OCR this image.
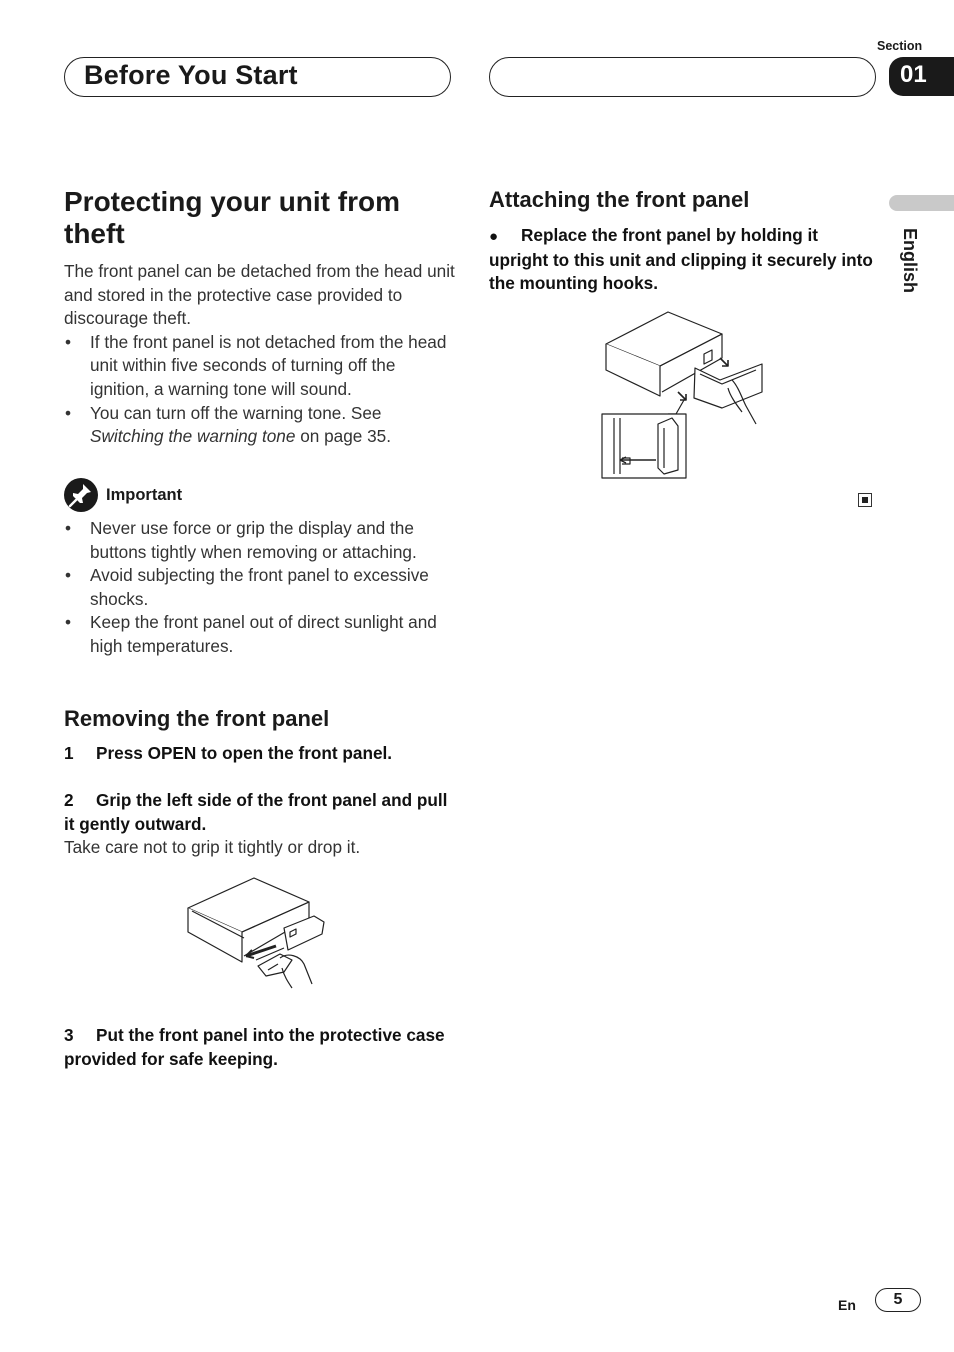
Before You Start
Section
01
English
Protecting your unit from theft

The front panel can be detached from the head unit and stored in the protective case provided to discourage theft.

• If the front panel is not detached from the head unit within five seconds of turning off the ignition, a warning tone will sound.
• You can turn off the warning tone. See
Switching the warning tone on page 35.
Important
• Never use force or grip the display and the buttons tightly when removing or attaching.
• Avoid subjecting the front panel to excessive shocks.
• Keep the front panel out of direct sunlight and high temperatures.
Removing the front panel

1 Press OPEN to open the front panel.

2 Grip the left side of the front panel and pull it gently outward.

Take care not to grip it tightly or drop it.

3 Put the front panel into the protective case provided for safe keeping.

Attaching the front panel

● Replace the front panel by holding it upright to this unit and clipping it securely into the mounting hooks.

En	5
